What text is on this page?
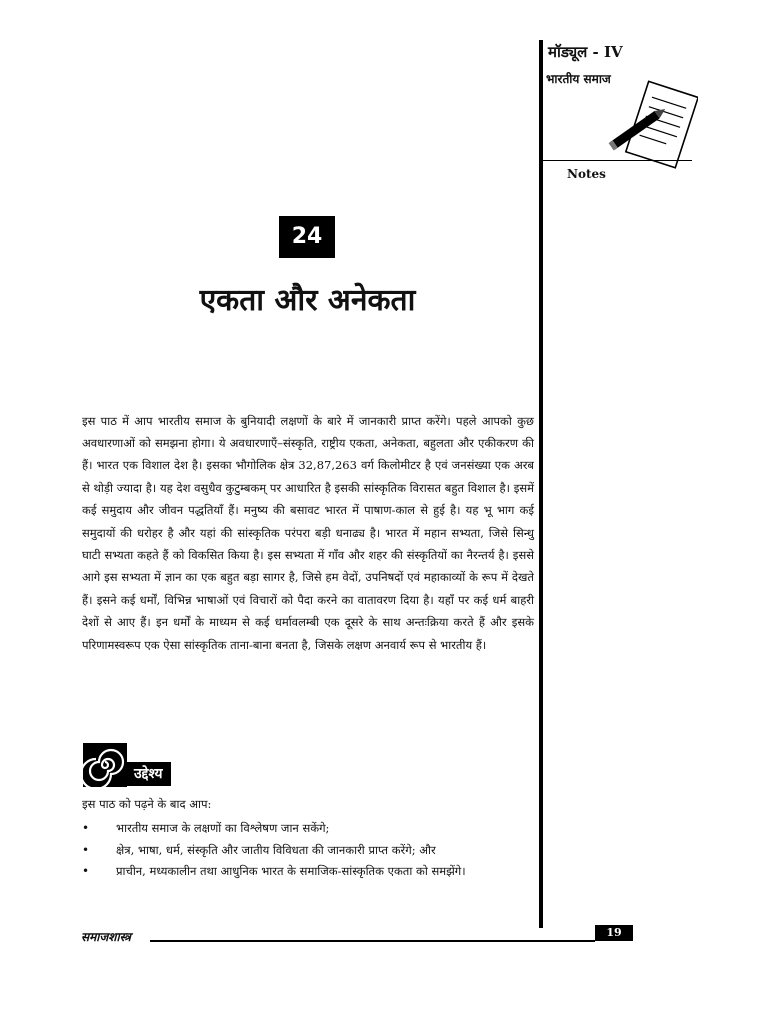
मॉड्यूल - IV
भारतीय समाज
Notes
24
एकता और अनेकता

इस पाठ में आप भारतीय समाज के बुनियादी लक्षणों के बारे में जानकारी प्राप्त करेंगे। पहले आपको कुछ अवधारणाओं को समझना होगा। ये अवधारणाएँ–संस्कृति, राष्ट्रीय एकता, अनेकता, बहुलता और एकीकरण की हैं। भारत एक विशाल देश है। इसका भौगोलिक क्षेत्र 32,87,263 वर्ग किलोमीटर है एवं जनसंख्या एक अरब से थोड़ी ज्यादा है। यह देश वसुधैव कुटुम्बकम् पर आधारित है इसकी सांस्कृतिक विरासत बहुत विशाल है। इसमें कई समुदाय और जीवन पद्धतियाँ हैं। मनुष्य की बसावट भारत में पाषाण-काल से हुई है। यह भू भाग कई समुदायों की धरोहर है और यहां की सांस्कृतिक परंपरा बड़ी धनाढ्य है। भारत में महान सभ्यता, जिसे सिन्धु घाटी सभ्यता कहते हैं को विकसित किया है। इस सभ्यता में गाँव और शहर की संस्कृतियों का नैरन्तर्य है। इससे आगे इस सभ्यता में ज्ञान का एक बहुत बड़ा सागर है, जिसे हम वेदों, उपनिषदों एवं महाकाव्यों के रूप में देखते हैं। इसने कई धर्मों, विभिन्न भाषाओं एवं विचारों को पैदा करने का वातावरण दिया है। यहाँ पर कई धर्म बाहरी देशों से आए हैं। इन धर्मों के माध्यम से कई धर्मावलम्बी एक दूसरे के साथ अन्तःक्रिया करते हैं और इसके परिणामस्वरूप एक ऐसा सांस्कृतिक ताना-बाना बनता है, जिसके लक्षण अनवार्य रूप से भारतीय हैं।

उद्देश्य
इस पाठ को पढ़ने के बाद आप:
• भारतीय समाज के लक्षणों का विश्लेषण जान सकेंगे;
• क्षेत्र, भाषा, धर्म, संस्कृति और जातीय विविधता की जानकारी प्राप्त करेंगे; और
• प्राचीन, मध्यकालीन तथा आधुनिक भारत के समाजिक-सांस्कृतिक एकता को समझेंगे।
समाजशास्त्र	19
